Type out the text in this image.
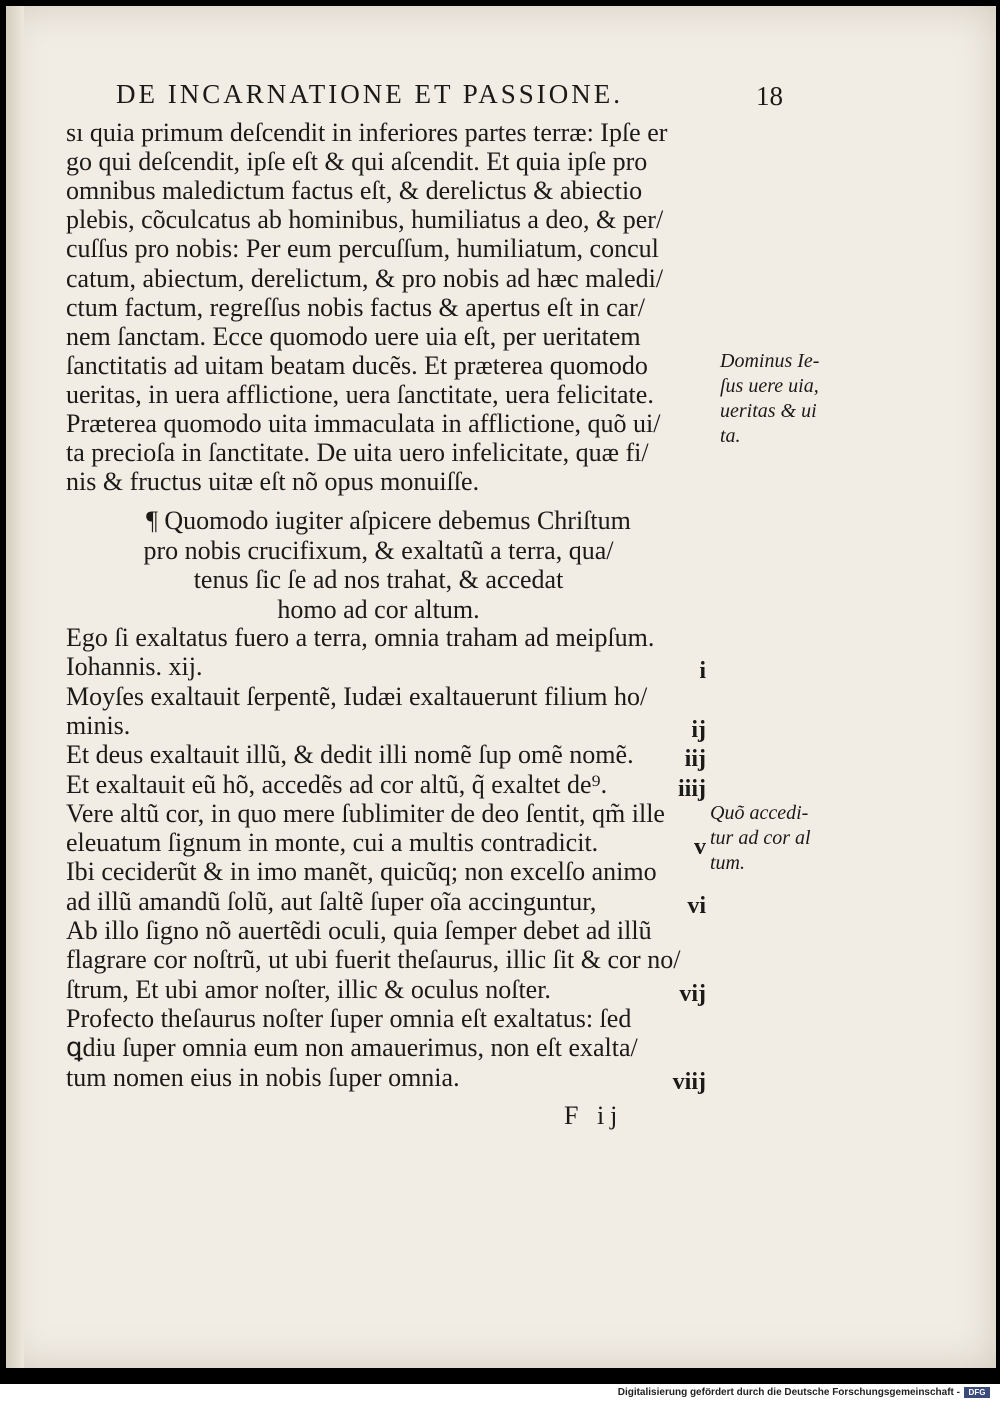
DE INCARNATIONE ET PASSIONE.	18
sı quia primum deſcendit in inferiores partes terræ: Ipſe er
go qui deſcendit, ipſe eſt & qui aſcendit. Et quia ipſe pro
omnibus maledictum factus eſt, & derelictus & abiectio
plebis, cõculcatus ab hominibus, humiliatus a deo, & per/
cuſſus pro nobis: Per eum percuſſum, humiliatum, concul
catum, abiectum, derelictum, & pro nobis ad hæc maledi/
ctum factum, regreſſus nobis factus & apertus eſt in car/
nem ſanctam. Ecce quomodo uere uia eſt, per ueritatem
ſanctitatis ad uitam beatam ducẽs. Et præterea quomodo
ueritas, in uera afflictione, uera ſanctitate, uera felicitate.
Præterea quomodo uita immaculata in afflictione, quõ ui/
ta precioſa in ſanctitate. De uita uero infelicitate, quæ fi/
nis & fructus uitæ eſt nõ opus monuiſſe.
¶ Quomodo iugiter aſpicere debemus Chriſtum
pro nobis crucifixum, & exaltatũ a terra, qua/
tenus ſic ſe ad nos trahat, & accedat
homo ad cor altum.
Ego ſi exaltatus fuero a terra, omnia traham ad meipſum.
Iohannis. xij.	i
Moyſes exaltauit ſerpentẽ, Iudæi exaltauerunt filium ho/
minis.	ij
Et deus exaltauit illũ, & dedit illi nomẽ ſup omẽ nomẽ.	iij
Et exaltauit eũ hõ, accedẽs ad cor altũ, q̃ exaltet de⁹.	iiij
Vere altũ cor, in quo mere ſublimiter de deo ſentit, qm̃ ille
eleuatum ſignum in monte, cui a multis contradicit.	v
Ibi ceciderũt & in imo manẽt, quicũq; non excelſo animo
ad illũ amandũ ſolũ, aut ſaltẽ ſuper oĩa accinguntur,	vi
Ab illo ſigno nõ auertẽdi oculi, quia ſemper debet ad illũ
flagrare cor noſtrũ, ut ubi fuerit theſaurus, illic ſit & cor no/
ſtrum, Et ubi amor noſter, illic & oculus noſter.	vij
Profecto theſaurus noſter ſuper omnia eſt exaltatus: ſed
ꝗdiu ſuper omnia eum non amauerimus, non eſt exalta/
tum nomen eius in nobis ſuper omnia.	viij
Dominus Ie-
ſus uere uia,
ueritas & ui
ta.
Quõ accedi-
tur ad cor al
tum.
F ij
Digitalisierung gefördert durch die Deutsche Forschungsgemeinschaft -	DFG
